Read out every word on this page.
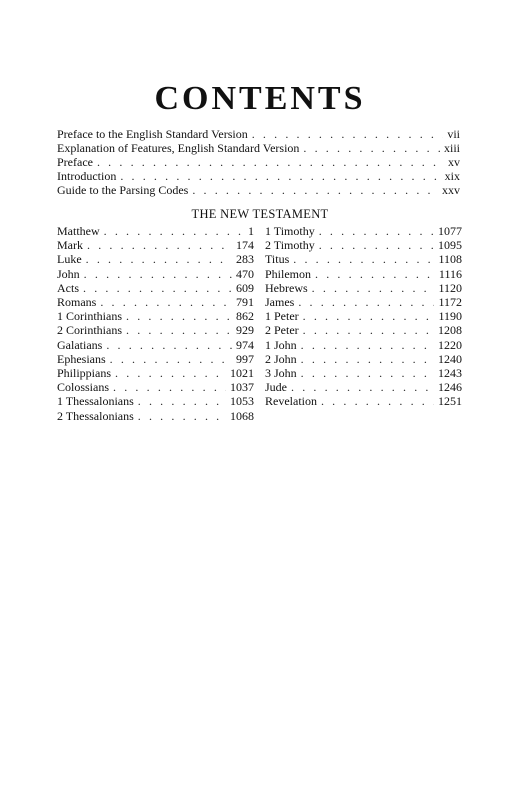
CONTENTS
Preface to the English Standard Version . . .	vii
Explanation of Features, English Standard Version . . .	xiii
Preface . . .	xv
Introduction . . .	xix
Guide to the Parsing Codes . . .	xxv
THE NEW TESTAMENT
Matthew . . .	1
Mark . . .	174
Luke . . .	283
John . . .	470
Acts . . .	609
Romans . . .	791
1 Corinthians . . .	862
2 Corinthians . . .	929
Galatians . . .	974
Ephesians . . .	997
Philippians . . .	1021
Colossians . . .	1037
1 Thessalonians . . .	1053
2 Thessalonians . . .	1068
1 Timothy . . .	1077
2 Timothy . . .	1095
Titus . . .	1108
Philemon . . .	1116
Hebrews . . .	1120
James . . .	1172
1 Peter . . .	1190
2 Peter . . .	1208
1 John . . .	1220
2 John . . .	1240
3 John . . .	1243
Jude . . .	1246
Revelation . . .	1251
